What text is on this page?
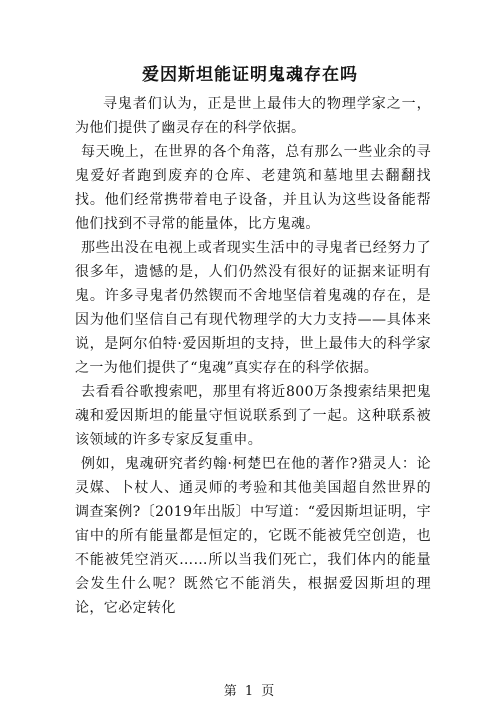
爱因斯坦能证明鬼魂存在吗

寻鬼者们认为，正是世上最伟大的物理学家之一，为他们提供了幽灵存在的科学依据。

每天晚上，在世界的各个角落，总有那么一些业余的寻鬼爱好者跑到废弃的仓库、老建筑和墓地里去翻翻找找。他们经常携带着电子设备，并且认为这些设备能帮他们找到不寻常的能量体，比方鬼魂。

那些出没在电视上或者现实生活中的寻鬼者已经努力了很多年，遗憾的是，人们仍然没有很好的证据来证明有鬼。许多寻鬼者仍然锲而不舍地坚信着鬼魂的存在，是因为他们坚信自己有现代物理学的大力支持——具体来说，是阿尔伯特·爱因斯坦的支持，世上最伟大的科学家之一为他们提供了“鬼魂”真实存在的科学依据。

去看看谷歌搜索吧，那里有将近800万条搜索结果把鬼魂和爱因斯坦的能量守恒说联系到了一起。这种联系被该领域的许多专家反复重申。

例如，鬼魂研究者约翰·柯楚巴在他的著作?猎灵人：论灵媒、卜杖人、通灵师的考验和其他美国超自然世界的调查案例?〔2019年出版〕中写道：“爱因斯坦证明，宇宙中的所有能量都是恒定的，它既不能被凭空创造，也不能被凭空消灭……所以当我们死亡，我们体内的能量会发生什么呢？既然它不能消失，根据爱因斯坦的理论，它必定转化

第 1 页
